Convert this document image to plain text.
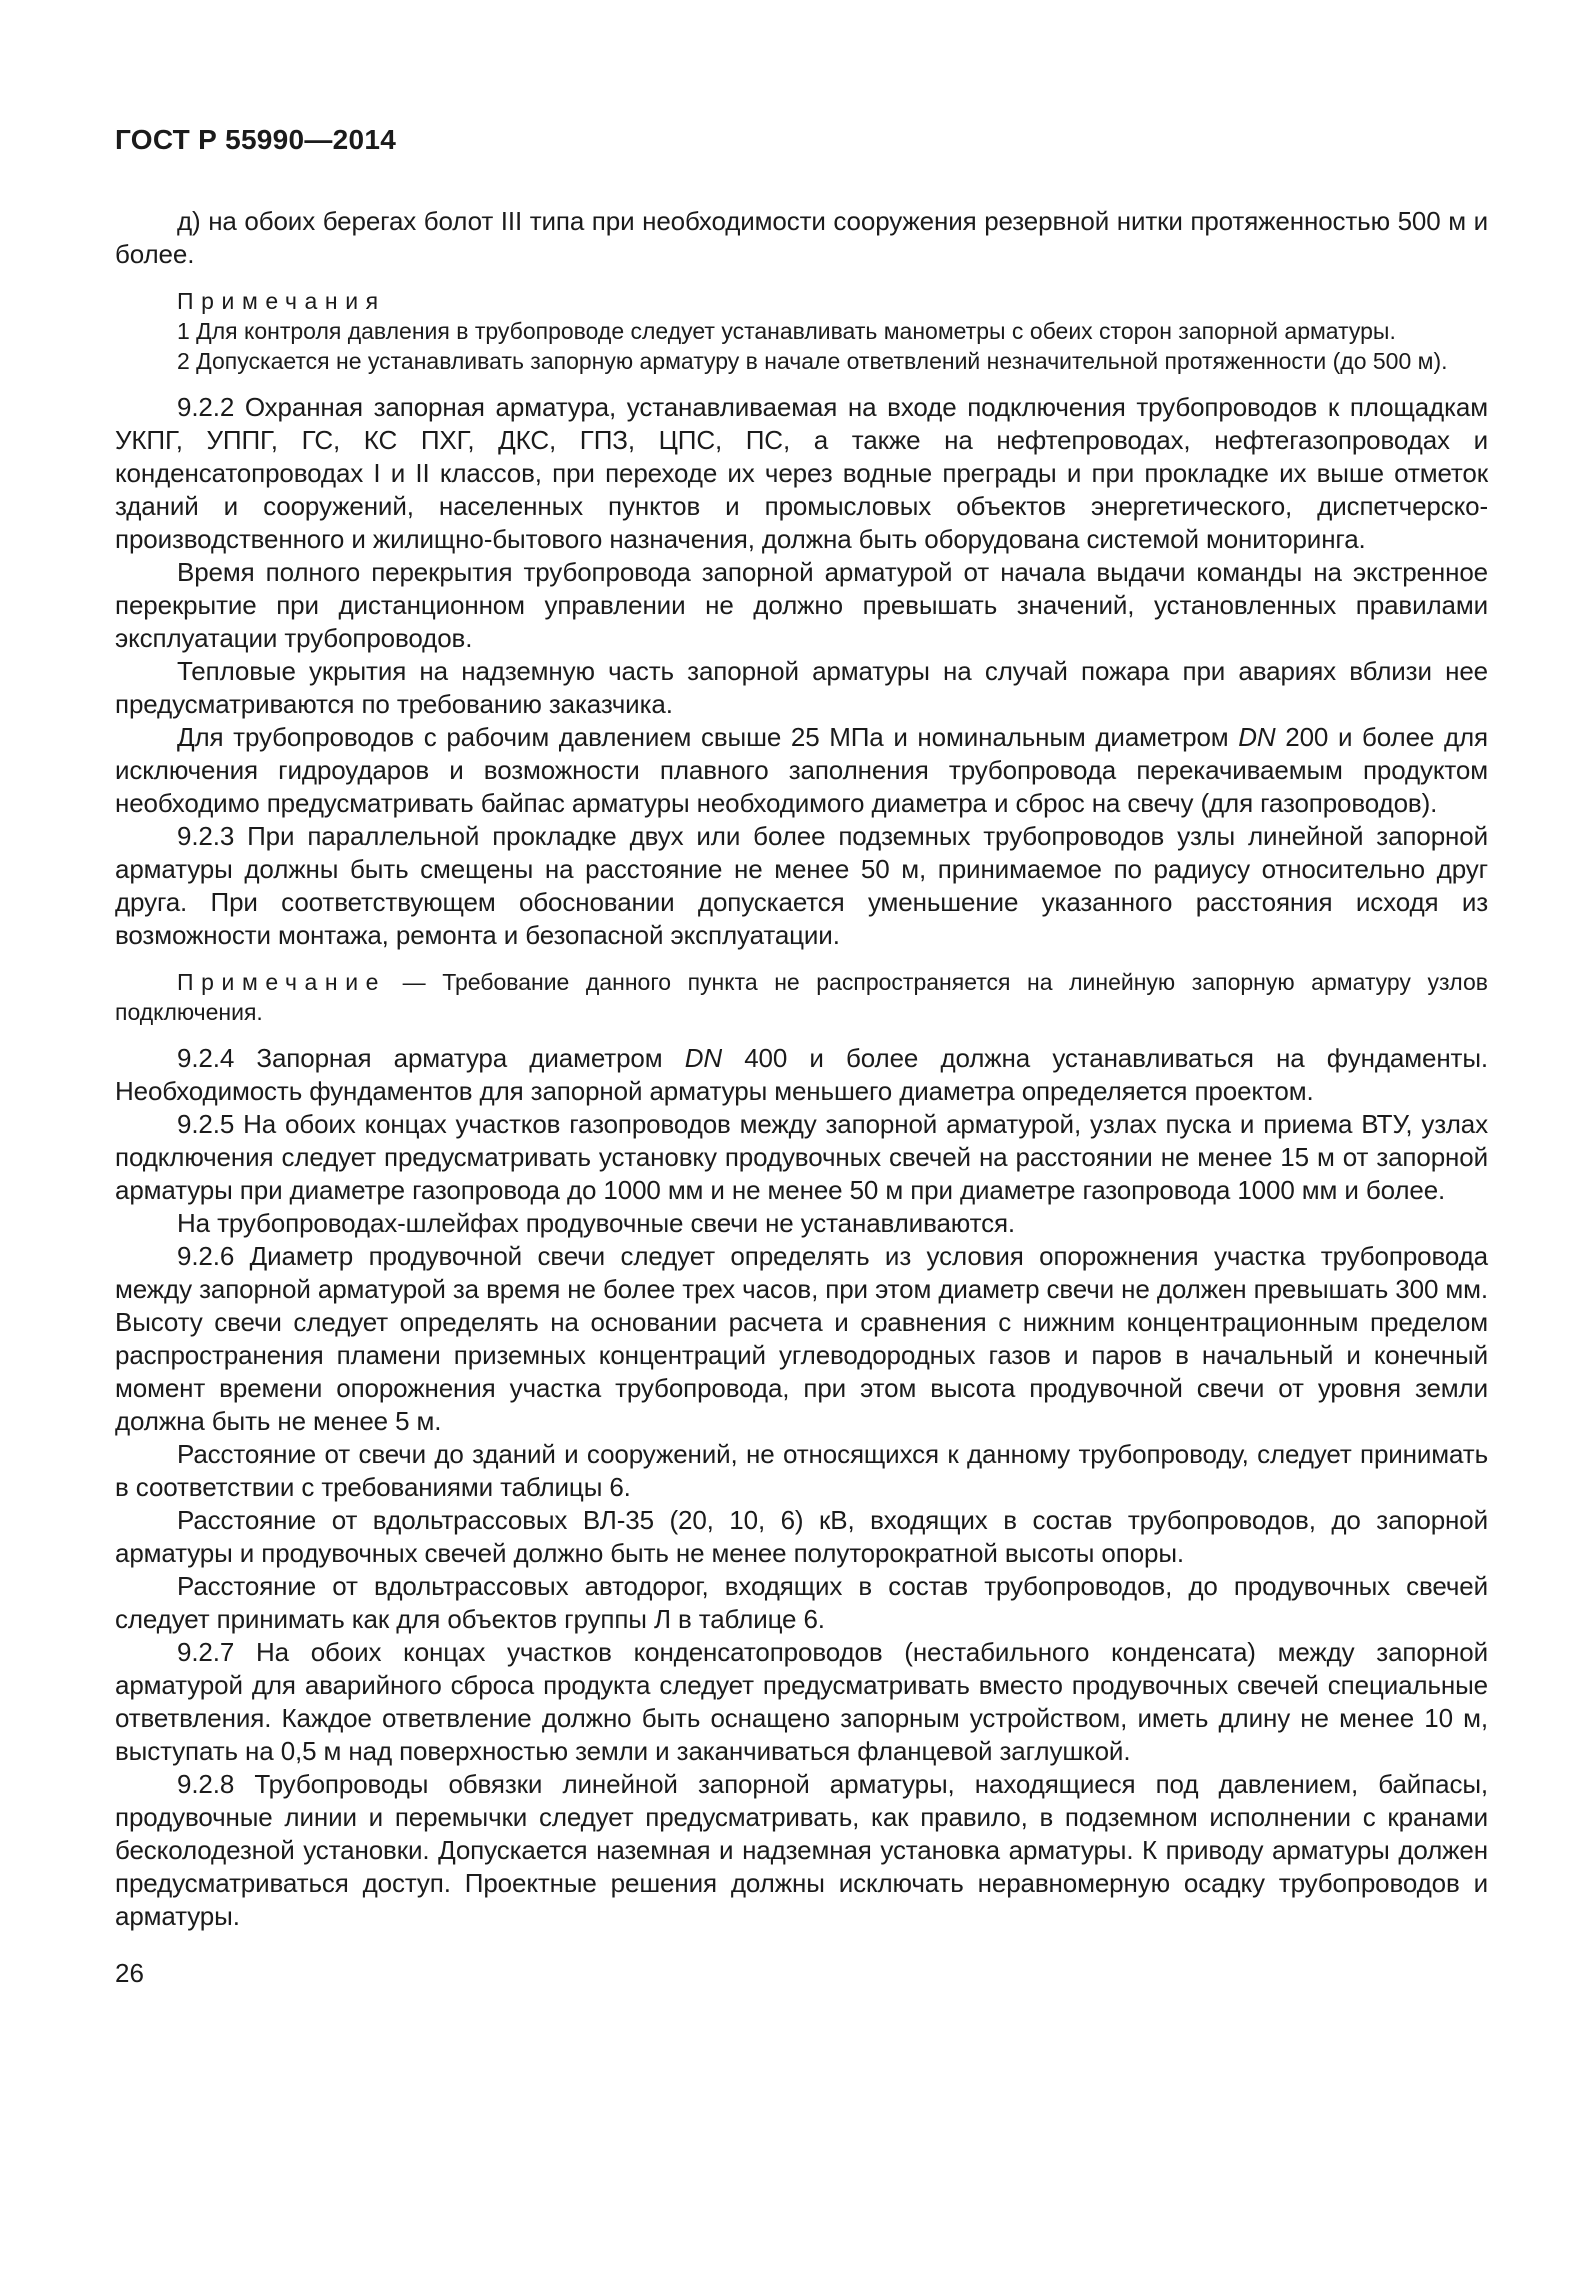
ГОСТ Р 55990—2014

д) на обоих берегах болот III типа при необходимости сооружения резервной нитки протяженностью 500 м и более.

Примечания

1 Для контроля давления в трубопроводе следует устанавливать манометры с обеих сторон запорной арматуры.

2 Допускается не устанавливать запорную арматуру в начале ответвлений незначительной протяженности (до 500 м).

9.2.2 Охранная запорная арматура, устанавливаемая на входе подключения трубопроводов к площадкам УКПГ, УППГ, ГС, КС ПХГ, ДКС, ГПЗ, ЦПС, ПС, а также на нефтепроводах, нефтегазопроводах и конденсатопроводах I и II классов, при переходе их через водные преграды и при прокладке их выше отметок зданий и сооружений, населенных пунктов и промысловых объектов энергетического, диспетчерско-производственного и жилищно-бытового назначения, должна быть оборудована системой мониторинга.

Время полного перекрытия трубопровода запорной арматурой от начала выдачи команды на экстренное перекрытие при дистанционном управлении не должно превышать значений, установленных правилами эксплуатации трубопроводов.

Тепловые укрытия на надземную часть запорной арматуры на случай пожара при авариях вблизи нее предусматриваются по требованию заказчика.

Для трубопроводов с рабочим давлением свыше 25 МПа и номинальным диаметром DN 200 и более для исключения гидроударов и возможности плавного заполнения трубопровода перекачиваемым продуктом необходимо предусматривать байпас арматуры необходимого диаметра и сброс на свечу (для газопроводов).

9.2.3 При параллельной прокладке двух или более подземных трубопроводов узлы линейной запорной арматуры должны быть смещены на расстояние не менее 50 м, принимаемое по радиусу относительно друг друга. При соответствующем обосновании допускается уменьшение указанного расстояния исходя из возможности монтажа, ремонта и безопасной эксплуатации.

Примечание — Требование данного пункта не распространяется на линейную запорную арматуру узлов подключения.

9.2.4 Запорная арматура диаметром DN 400 и более должна устанавливаться на фундаменты. Необходимость фундаментов для запорной арматуры меньшего диаметра определяется проектом.

9.2.5 На обоих концах участков газопроводов между запорной арматурой, узлах пуска и приема ВТУ, узлах подключения следует предусматривать установку продувочных свечей на расстоянии не менее 15 м от запорной арматуры при диаметре газопровода до 1000 мм и не менее 50 м при диаметре газопровода 1000 мм и более.

На трубопроводах-шлейфах продувочные свечи не устанавливаются.

9.2.6 Диаметр продувочной свечи следует определять из условия опорожнения участка трубопровода между запорной арматурой за время не более трех часов, при этом диаметр свечи не должен превышать 300 мм. Высоту свечи следует определять на основании расчета и сравнения с нижним концентрационным пределом распространения пламени приземных концентраций углеводородных газов и паров в начальный и конечный момент времени опорожнения участка трубопровода, при этом высота продувочной свечи от уровня земли должна быть не менее 5 м.

Расстояние от свечи до зданий и сооружений, не относящихся к данному трубопроводу, следует принимать в соответствии с требованиями таблицы 6.

Расстояние от вдольтрассовых ВЛ-35 (20, 10, 6) кВ, входящих в состав трубопроводов, до запорной арматуры и продувочных свечей должно быть не менее полуторократной высоты опоры.

Расстояние от вдольтрассовых автодорог, входящих в состав трубопроводов, до продувочных свечей следует принимать как для объектов группы Л в таблице 6.

9.2.7 На обоих концах участков конденсатопроводов (нестабильного конденсата) между запорной арматурой для аварийного сброса продукта следует предусматривать вместо продувочных свечей специальные ответвления. Каждое ответвление должно быть оснащено запорным устройством, иметь длину не менее 10 м, выступать на 0,5 м над поверхностью земли и заканчиваться фланцевой заглушкой.

9.2.8 Трубопроводы обвязки линейной запорной арматуры, находящиеся под давлением, байпасы, продувочные линии и перемычки следует предусматривать, как правило, в подземном исполнении с кранами бесколодезной установки. Допускается наземная и надземная установка арматуры. К приводу арматуры должен предусматриваться доступ. Проектные решения должны исключать неравномерную осадку трубопроводов и арматуры.

26
